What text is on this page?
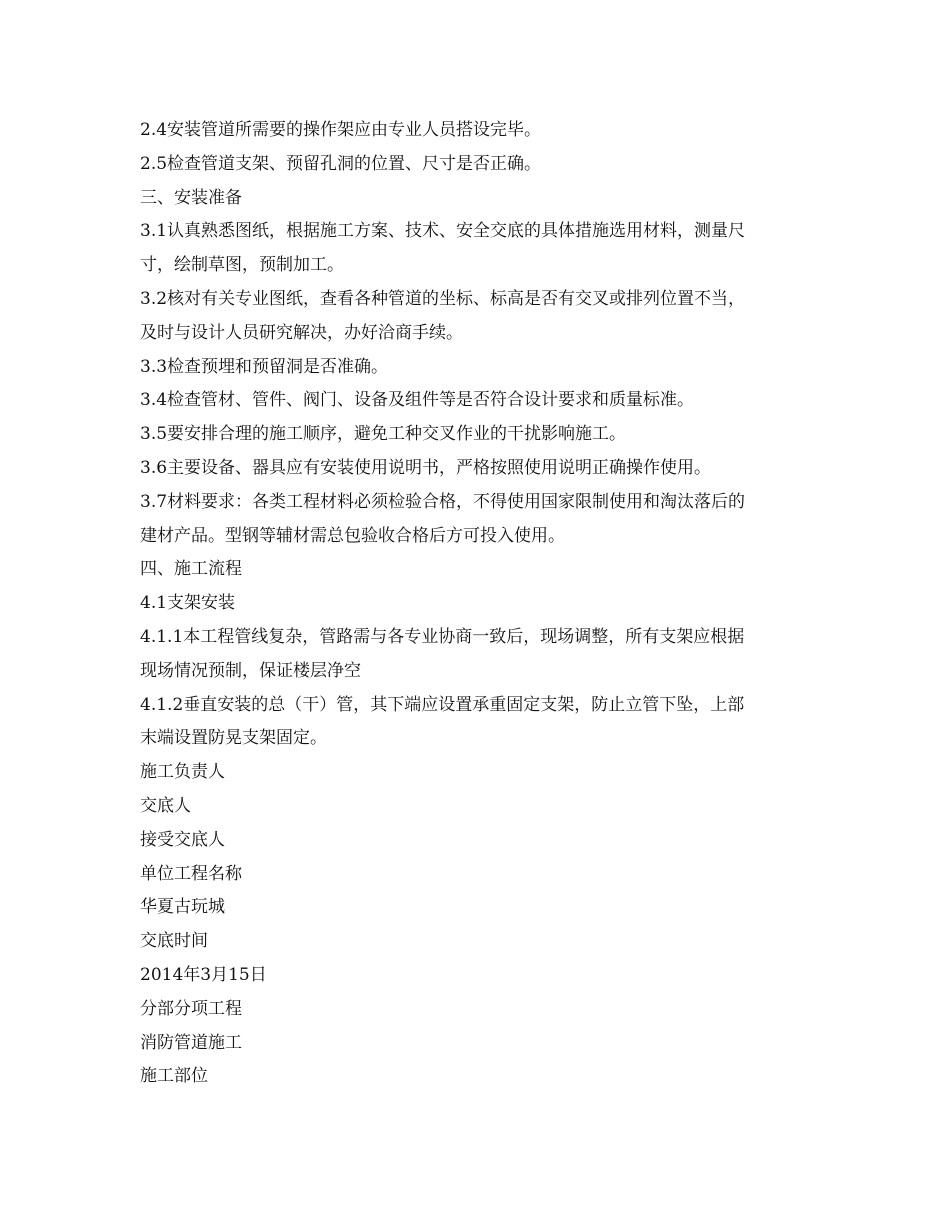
2.4安装管道所需要的操作架应由专业人员搭设完毕。
2.5检查管道支架、预留孔洞的位置、尺寸是否正确。
三、安装准备
3.1认真熟悉图纸，根据施工方案、技术、安全交底的具体措施选用材料，测量尺
寸，绘制草图，预制加工。
3.2核对有关专业图纸，查看各种管道的坐标、标高是否有交叉或排列位置不当，
及时与设计人员研究解决，办好洽商手续。
3.3检查预埋和预留洞是否准确。
3.4检查管材、管件、阀门、设备及组件等是否符合设计要求和质量标准。
3.5要安排合理的施工顺序，避免工种交叉作业的干扰影响施工。
3.6主要设备、器具应有安装使用说明书，严格按照使用说明正确操作使用。
3.7材料要求：各类工程材料必须检验合格，不得使用国家限制使用和淘汰落后的
建材产品。型钢等辅材需总包验收合格后方可投入使用。
四、施工流程
4.1支架安装
4.1.1本工程管线复杂，管路需与各专业协商一致后，现场调整，所有支架应根据
现场情况预制，保证楼层净空
4.1.2垂直安装的总（干）管，其下端应设置承重固定支架，防止立管下坠，上部
末端设置防晃支架固定。
施工负责人
交底人
接受交底人
单位工程名称
华夏古玩城
交底时间
2014年3月15日
分部分项工程
消防管道施工
施工部位
